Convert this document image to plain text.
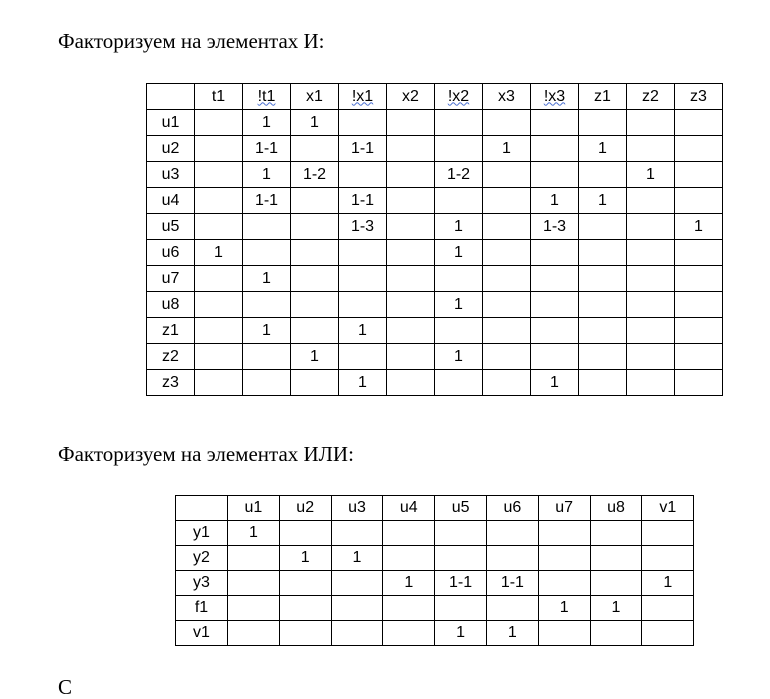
Факторизуем на элементах И:
	t1	!t1	x1	!x1	x2	!x2	x3	!x3	z1	z2	z3
u1		1	1								
u2		1-1		1-1			1		1		
u3		1	1-2			1-2				1	
u4		1-1		1-1				1	1		
u5				1-3		1		1-3			1
u6	1					1					
u7		1									
u8						1					
z1		1		1							
z2			1			1					
z3				1				1			
Факторизуем на элементах ИЛИ:
	u1	u2	u3	u4	u5	u6	u7	u8	v1
y1	1								
y2		1	1						
y3				1	1-1	1-1			1
f1							1	1	
v1					1	1			
С
